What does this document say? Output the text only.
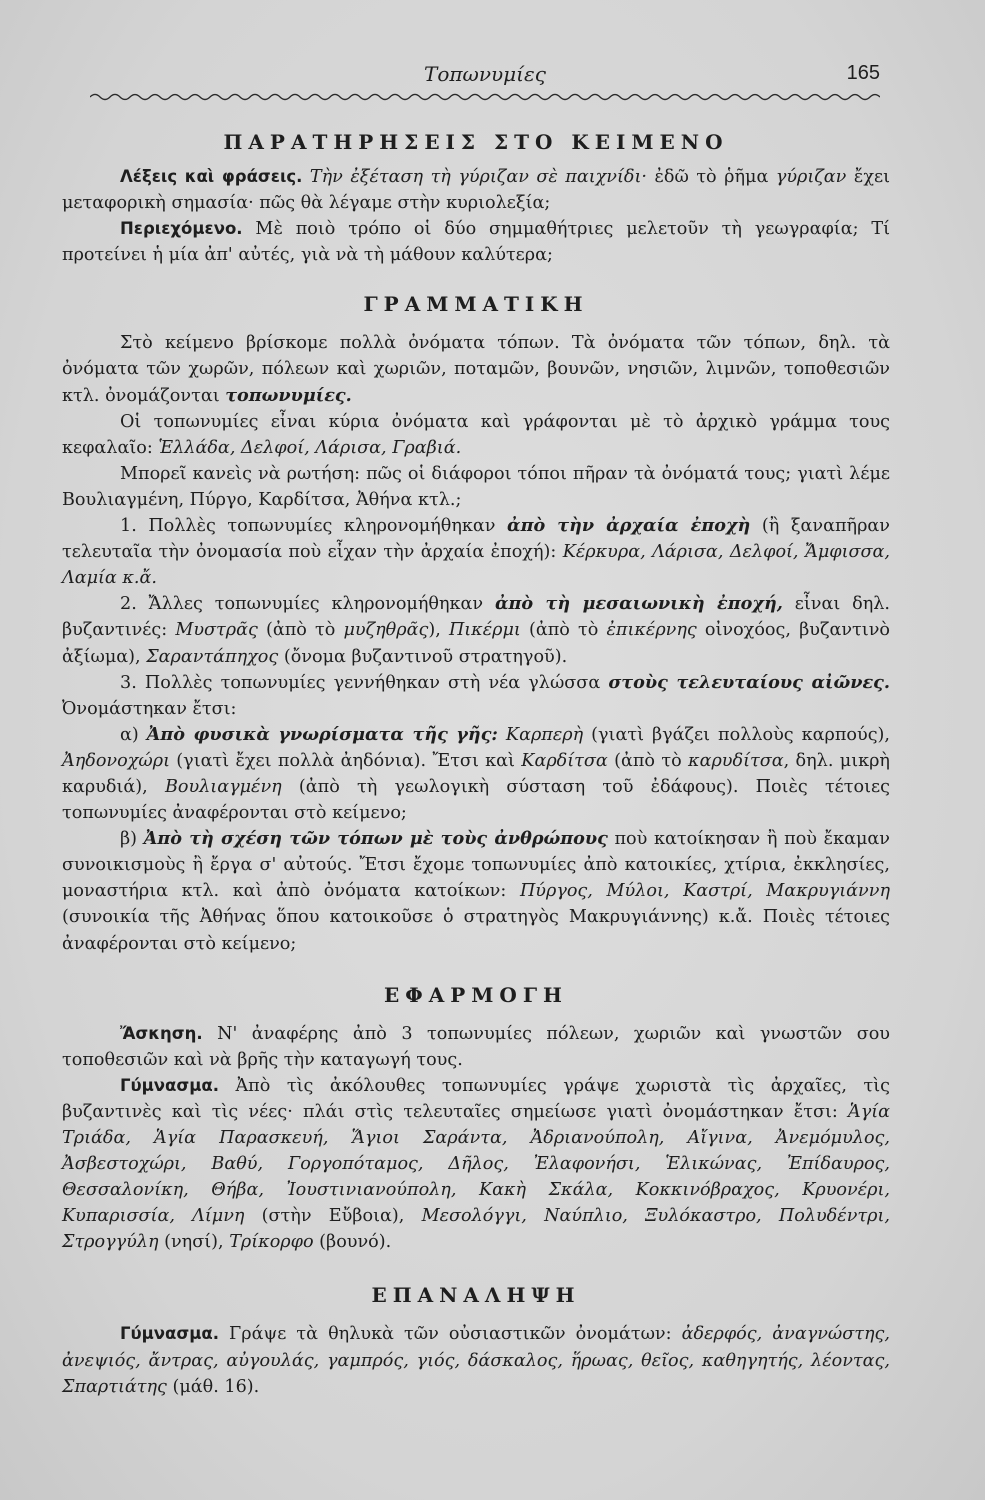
Τοπωνυμίες	165
ΠΑΡΑΤΗΡΗΣΕΙΣ ΣΤΟ ΚΕΙΜΕΝΟ

Λέξεις καὶ φράσεις. Τὴν ἐξέταση τὴ γύριζαν σὲ παιχνίδι· ἐδῶ τὸ ῥῆμα γύριζαν ἔχει μεταφορικὴ σημασία· πῶς θὰ λέγαμε στὴν κυριολεξία;

Περιεχόμενο. Μὲ ποιὸ τρόπο οἱ δύο σημμαθήτριες μελετοῦν τὴ γεωγραφία; Τί προτείνει ἡ μία ἀπ' αὐτές, γιὰ νὰ τὴ μάθουν καλύτερα;

ΓΡΑΜΜΑΤΙΚΗ

Στὸ κείμενο βρίσκομε πολλὰ ὀνόματα τόπων. Τὰ ὀνόματα τῶν τόπων, δηλ. τὰ ὀνόματα τῶν χωρῶν, πόλεων καὶ χωριῶν, ποταμῶν, βουνῶν, νησιῶν, λιμνῶν, τοποθεσιῶν κτλ. ὀνομάζονται τοπωνυμίες.

Οἱ τοπωνυμίες εἶναι κύρια ὀνόματα καὶ γράφονται μὲ τὸ ἀρχικὸ γράμμα τους κεφαλαῖο: Ἑλλάδα, Δελφοί, Λάρισα, Γραβιά.

Μπορεῖ κανεὶς νὰ ρωτήση: πῶς οἱ διάφοροι τόποι πῆραν τὰ ὀνόματά τους; γιατὶ λέμε Βουλιαγμένη, Πύργο, Καρδίτσα, Ἀθήνα κτλ.;

1. Πολλὲς τοπωνυμίες κληρονομήθηκαν ἀπὸ τὴν ἀρχαία ἐποχὴ (ἢ ξαναπῆραν τελευταῖα τὴν ὀνομασία ποὺ εἶχαν τὴν ἀρχαία ἐποχή): Κέρκυρα, Λάρισα, Δελφοί, Ἄμφισσα, Λαμία κ.ἄ.

2. Ἄλλες τοπωνυμίες κληρονομήθηκαν ἀπὸ τὴ μεσαιωνικὴ ἐποχή, εἶναι δηλ. βυζαντινές: Μυστρᾶς (ἀπὸ τὸ μυζηθρᾶς), Πικέρμι (ἀπὸ τὸ ἐπικέρνης οἰνοχόος, βυζαντινὸ ἀξίωμα), Σαραντάπηχος (ὄνομα βυζαντινοῦ στρατηγοῦ).

3. Πολλὲς τοπωνυμίες γεννήθηκαν στὴ νέα γλώσσα στοὺς τελευταίους αἰῶνες. Ὀνομάστηκαν ἔτσι:

α) Ἀπὸ φυσικὰ γνωρίσματα τῆς γῆς: Καρπερὴ (γιατὶ βγάζει πολλοὺς καρπούς), Ἀηδονοχώρι (γιατὶ ἔχει πολλὰ ἀηδόνια). Ἔτσι καὶ Καρδίτσα (ἀπὸ τὸ καρυδίτσα, δηλ. μικρὴ καρυδιά), Βουλιαγμένη (ἀπὸ τὴ γεωλογικὴ σύσταση τοῦ ἐδάφους). Ποιὲς τέτοιες τοπωνυμίες ἀναφέρονται στὸ κείμενο;

β) Ἀπὸ τὴ σχέση τῶν τόπων μὲ τοὺς ἀνθρώπους ποὺ κατοίκησαν ἢ ποὺ ἔκαμαν συνοικισμοὺς ἢ ἔργα σ' αὐτούς. Ἔτσι ἔχομε τοπωνυμίες ἀπὸ κατοικίες, χτίρια, ἐκκλησίες, μοναστήρια κτλ. καὶ ἀπὸ ὀνόματα κατοίκων: Πύργος, Μύλοι, Καστρί, Μακρυγιάννη (συνοικία τῆς Ἀθήνας ὅπου κατοικοῦσε ὁ στρατηγὸς Μακρυγιάννης) κ.ἄ. Ποιὲς τέτοιες ἀναφέρονται στὸ κείμενο;

ΕΦΑΡΜΟΓΗ

Ἄσκηση. Ν' ἀναφέρης ἀπὸ 3 τοπωνυμίες πόλεων, χωριῶν καὶ γνωστῶν σου τοποθεσιῶν καὶ νὰ βρῆς τὴν καταγωγή τους.

Γύμνασμα. Ἀπὸ τὶς ἀκόλουθες τοπωνυμίες γράψε χωριστὰ τὶς ἀρχαῖες, τὶς βυζαντινὲς καὶ τὶς νέες· πλάι στὶς τελευταῖες σημείωσε γιατὶ ὀνομάστηκαν ἔτσι: Ἁγία Τριάδα, Ἁγία Παρασκευή, Ἅγιοι Σαράντα, Ἀδριανούπολη, Αἴγινα, Ἀνεμόμυλος, Ἀσβεστοχώρι, Βαθύ, Γοργοπόταμος, Δῆλος, Ἐλαφονήσι, Ἑλικώνας, Ἐπίδαυρος, Θεσσαλονίκη, Θήβα, Ἰουστινιανούπολη, Κακὴ Σκάλα, Κοκκινόβραχος, Κρυονέρι, Κυπαρισσία, Λίμνη (στὴν Εὔβοια), Μεσολόγγι, Ναύπλιο, Ξυλόκαστρο, Πολυδέντρι, Στρογγύλη (νησί), Τρίκορφο (βουνό).

ΕΠΑΝΑΛΗΨΗ

Γύμνασμα. Γράψε τὰ θηλυκὰ τῶν οὐσιαστικῶν ὀνομάτων: ἀδερφός, ἀναγνώστης, ἀνεψιός, ἄντρας, αὐγουλάς, γαμπρός, γιός, δάσκαλος, ἥρωας, θεῖος, καθηγητής, λέοντας, Σπαρτιάτης (μάθ. 16).
